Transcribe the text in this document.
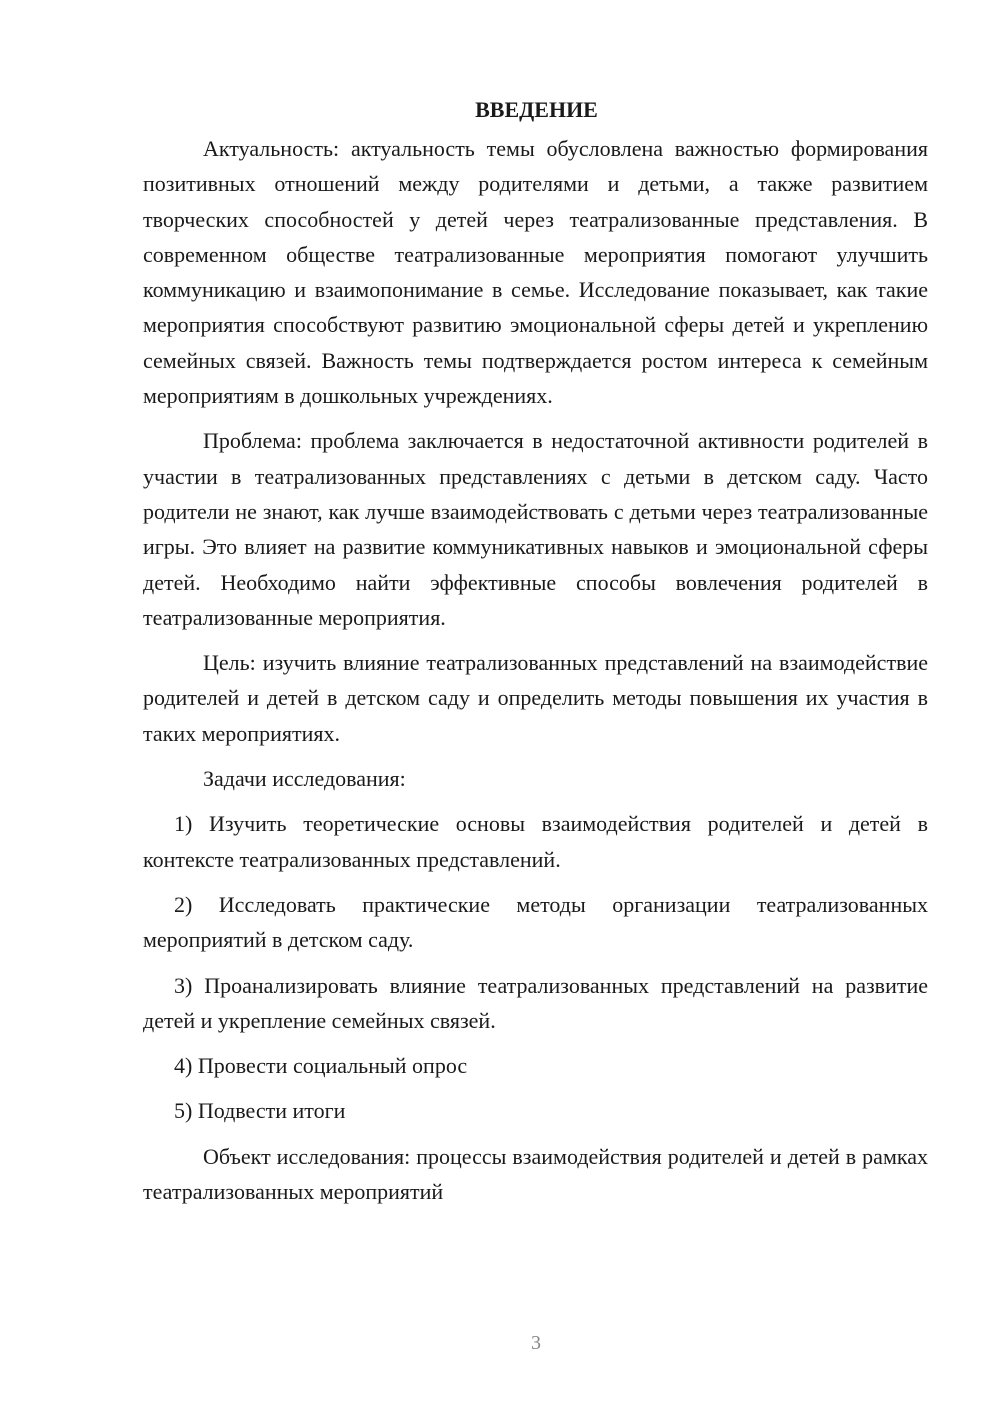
ВВЕДЕНИЕ

Актуальность: актуальность темы обусловлена важностью формирования позитивных отношений между родителями и детьми, а также развитием творческих способностей у детей через театрализованные представления. В современном обществе театрализованные мероприятия помогают улучшить коммуникацию и взаимопонимание в семье. Исследование показывает, как такие мероприятия способствуют развитию эмоциональной сферы детей и укреплению семейных связей. Важность темы подтверждается ростом интереса к семейным мероприятиям в дошкольных учреждениях.

Проблема: проблема заключается в недостаточной активности родителей в участии в театрализованных представлениях с детьми в детском саду. Часто родители не знают, как лучше взаимодействовать с детьми через театрализованные игры. Это влияет на развитие коммуникативных навыков и эмоциональной сферы детей. Необходимо найти эффективные способы вовлечения родителей в театрализованные мероприятия.

Цель: изучить влияние театрализованных представлений на взаимодействие родителей и детей в детском саду и определить методы повышения их участия в таких мероприятиях.

Задачи исследования:

1) Изучить теоретические основы взаимодействия родителей и детей в контексте театрализованных представлений.

2) Исследовать практические методы организации театрализованных мероприятий в детском саду.

3) Проанализировать влияние театрализованных представлений на развитие детей и укрепление семейных связей.

4) Провести социальный опрос

5) Подвести итоги

Объект исследования: процессы взаимодействия родителей и детей в рамках театрализованных мероприятий

3
